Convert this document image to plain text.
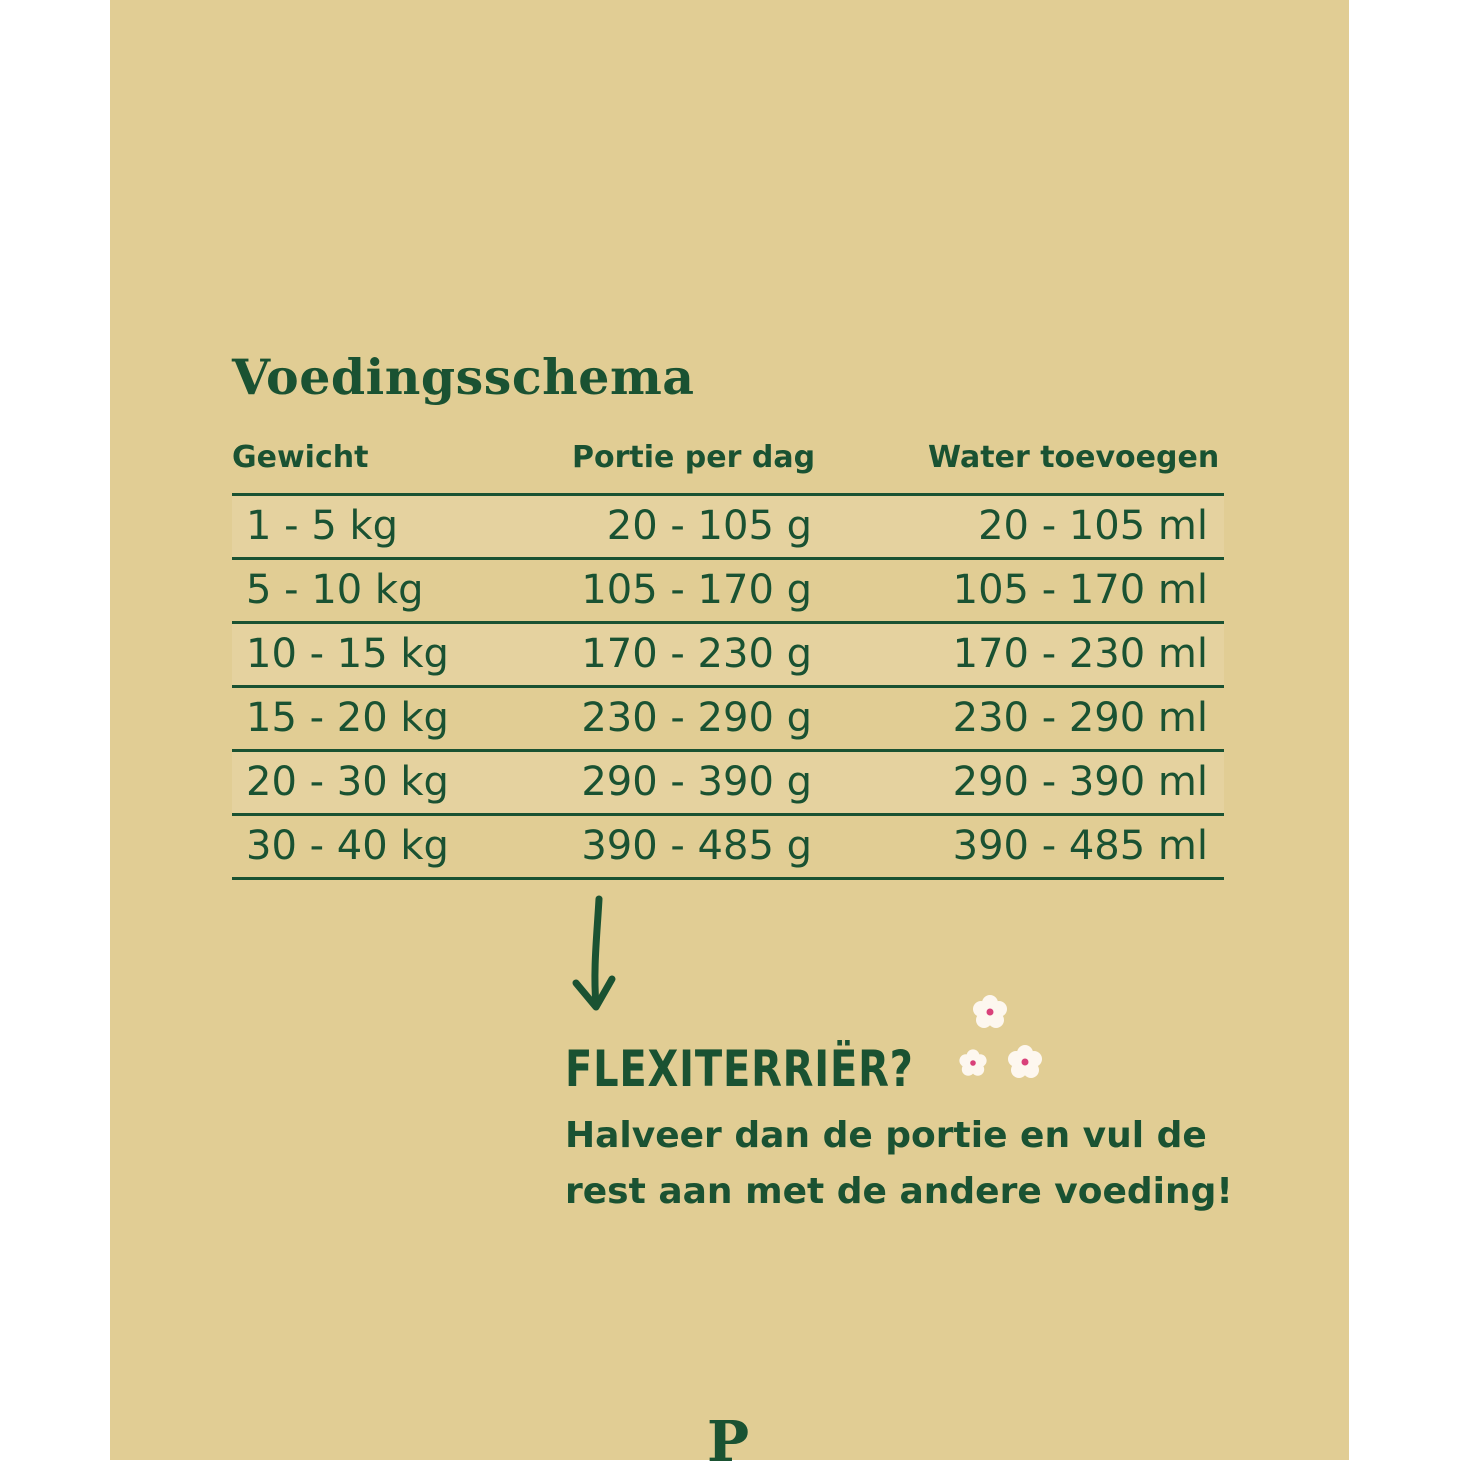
Voedingsschema
Gewicht	Portie per dag	Water toevoegen
1 - 5 kg	20 - 105 g	20 - 105 ml
5 - 10 kg	105 - 170 g	105 - 170 ml
10 - 15 kg	170 - 230 g	170 - 230 ml
15 - 20 kg	230 - 290 g	230 - 290 ml
20 - 30 kg	290 - 390 g	290 - 390 ml
30 - 40 kg	390 - 485 g	390 - 485 ml
FLEXITERRIËR?
Halveer dan de portie en vul de
rest aan met de andere voeding!
P
